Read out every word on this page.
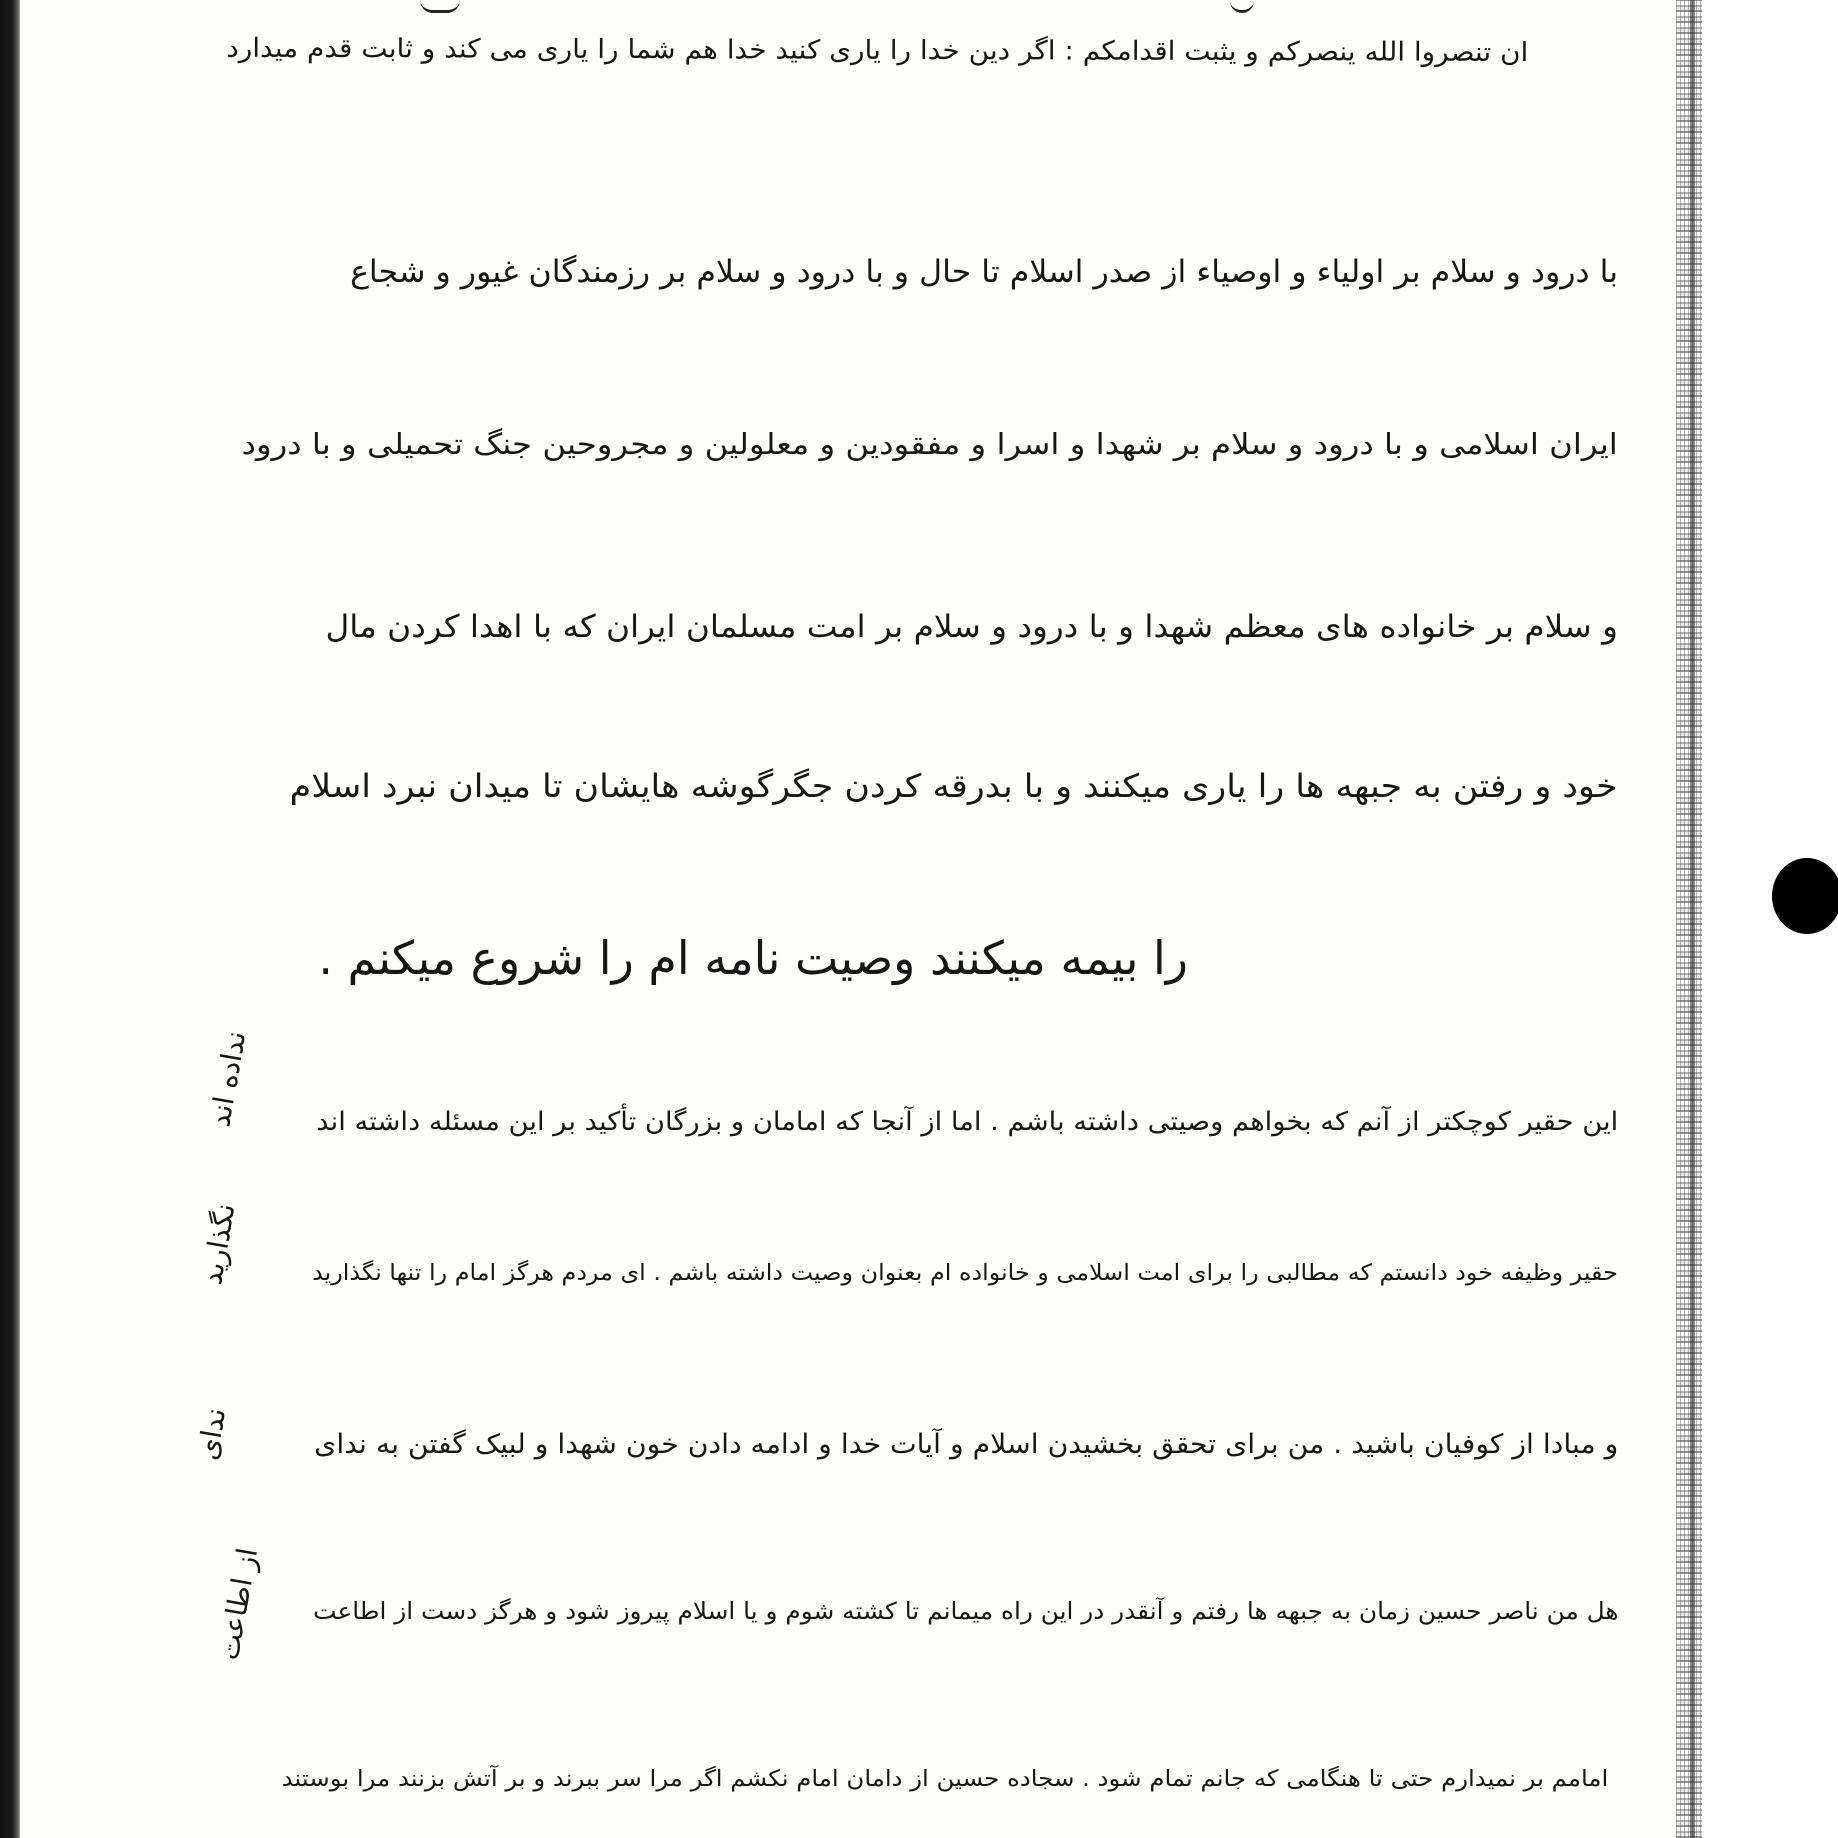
ان تنصروا الله ینصرکم و یثبت اقدامکم : اگر دین خدا را یاری کنید خدا هم شما را یاری می کند و ثابت قدم میدارد
با درود و سلام بر اولیاء و اوصیاء از صدر اسلام تا حال و با درود و سلام بر رزمندگان غیور و شجاع
ایران اسلامی و با درود و سلام بر شهدا و اسرا و مفقودین و معلولین و مجروحین جنگ تحمیلی و با درود
و سلام بر خانواده های معظم شهدا و با درود و سلام بر امت مسلمان ایران که با اهدا کردن مال
خود و رفتن به جبهه ها را یاری میکنند و با بدرقه کردن جگرگوشه هایشان تا میدان نبرد اسلام
را بیمه میکنند وصیت نامه ام را شروع میکنم .
این حقیر کوچکتر از آنم که بخواهم وصیتی داشته باشم . اما از آنجا که امامان و بزرگان تأکید بر این مسئله داشته اند
حقیر وظیفه خود دانستم که مطالبی را برای امت اسلامی و خانواده ام بعنوان وصیت داشته باشم . ای مردم هرگز امام را تنها نگذارید
و مبادا از کوفیان باشید . من برای تحقق بخشیدن اسلام و آیات خدا و ادامه دادن خون شهدا و لبیک گفتن به ندای
هل من ناصر حسین زمان به جبهه ها رفتم و آنقدر در این راه میمانم تا کشته شوم و یا اسلام پیروز شود و هرگز دست از اطاعت
امامم بر نمیدارم حتی تا هنگامی که جانم تمام شود . سجاده حسین از دامان امام نکشم اگر مرا سر ببرند و بر آتش بزنند مرا بوستند
نداده اند
نگذارید
ندای
از اطاعت
